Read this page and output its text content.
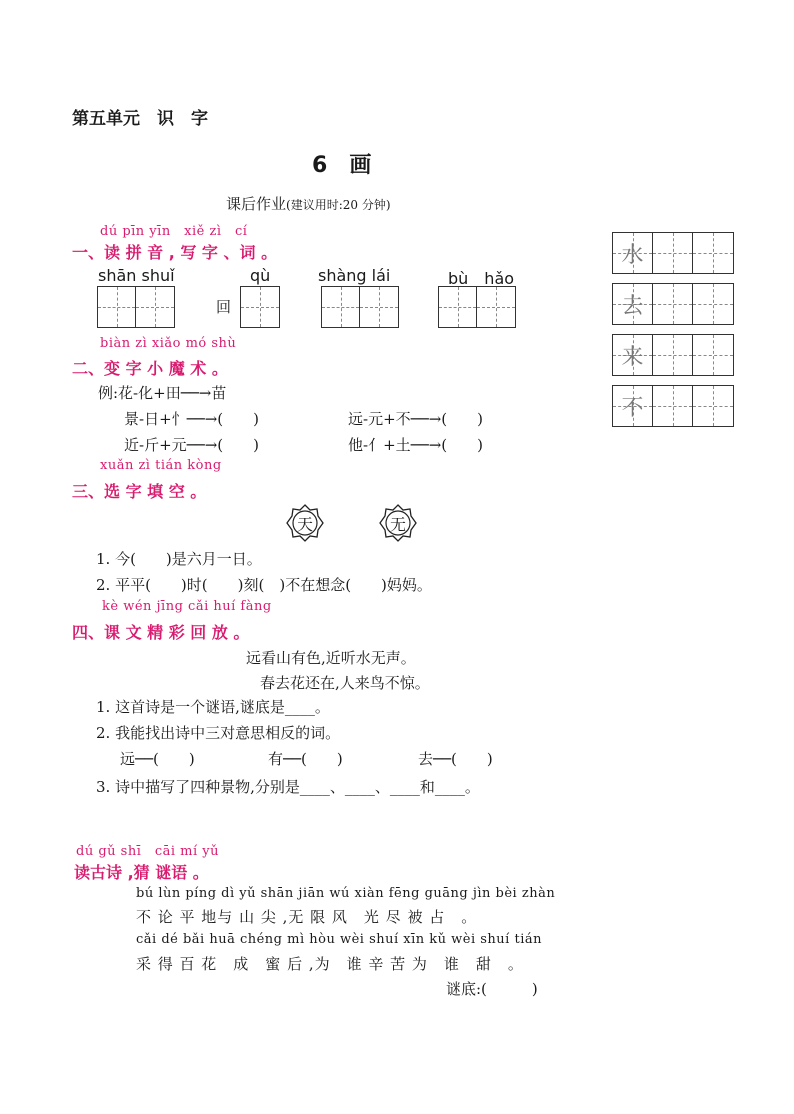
第五单元　识　字
6 画
课后作业(建议用时:20 分钟)
dú pīn yīn　xiě zì　cí
一、读 拼 音 , 写 字 、词 。
shān shuǐ	qù	shàng lái	bù　hǎo
回
水
去
来
不
biàn zì xiǎo mó shù
二、变 字 小 魔 术 。
例:花-化+田──→苗
景-日+忄──→(　　)	远-元+不──→(　　)
近-斤+元──→(　　)	他-亻+土──→(　　)
xuǎn zì tián kòng
三、选 字 填 空 。
天	无
1. 今(　　)是六月一日。
2. 平平(　　)时(　　)刻(　)不在想念(　　)妈妈。
kè wén jīng cǎi huí fàng
四、课 文 精 彩 回 放 。
远看山有色,近听水无声。
春去花还在,人来鸟不惊。
1. 这首诗是一个谜语,谜底是____。
2. 我能找出诗中三对意思相反的词。
远──(　　)	有──(　　)	去──(　　)
3. 诗中描写了四种景物,分别是____、____、____和____。
dú gǔ shī　cāi mí yǔ
读古诗 ,猜 谜语 。
bú lùn píng dì yǔ shān jiān wú xiàn fēng guāng jìn bèi zhàn
不 论 平 地与 山 尖 ,无 限 风　光 尽 被 占　。
cǎi dé bǎi huā chéng mì hòu wèi shuí xīn kǔ wèi shuí tián
采 得 百 花　成　蜜 后 ,为　谁 辛 苦 为　谁　甜　。
谜底:(　　　)
